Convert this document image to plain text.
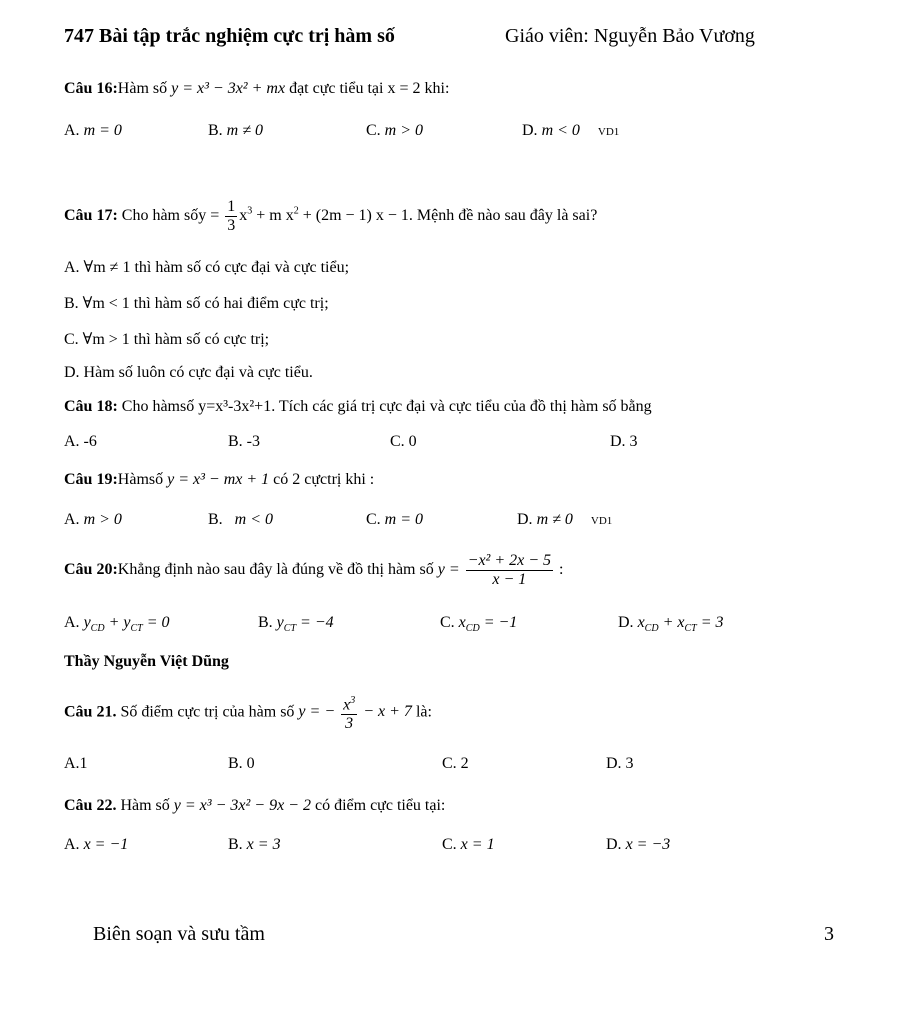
747 Bài tập trắc nghiệm cực trị hàm số	Giáo viên: Nguyễn Bảo Vương
Câu 16:Hàm số y = x³ − 3x² + mx đạt cực tiểu tại x = 2 khi:
A. m = 0	B. m ≠ 0	C. m > 0	D. m < 0 VD1
Câu 17: Cho hàm sốy = $\frac{1}{3} x^3 + m$ $x^2 + (2m - 1) x - 1$. Mệnh đề nào sau đây là sai?
A. ∀m ≠ 1 thì hàm số có cực đại và cực tiểu;
B. ∀m < 1 thì hàm số có hai điểm cực trị;
C. ∀m > 1 thì hàm số có cực trị;
D. Hàm số luôn có cực đại và cực tiểu.
Câu 18: Cho hàmsố y=x³-3x²+1. Tích các giá trị cực đại và cực tiểu của đồ thị hàm số bằng
A. -6	B. -3	C. 0	D. 3
Câu 19:Hàmsố y = x³ − mx + 1 có 2 cựctrị khi :
A. m > 0	B. m < 0	C. m = 0	D. m ≠ 0 VD1
Câu 20:Khẳng định nào sau đây là đúng về đồ thị hàm số $y = \frac{\text{−x² + 2x − 5}}{x - 1}$ :
A. $y_{CD} + y_{CT} = 0$	B. $y_{CT} = -4$	C. $x_{CD} = -1$	D. $x_{CD} + x_{CT} = 3$
Thầy Nguyễn Việt Dũng
Câu 21. Số điểm cực trị của hàm số y = − $\frac{x^3}{3} - x + 7$ là:
A.1	B. 0	C. 2	D. 3
Câu 22. Hàm số y = x³ − 3x² − 9x − 2 có điểm cực tiểu tại:
A. x = −1	B. x = 3	C. x = 1	D. x = −3
Biên soạn và sưu tầm	3
